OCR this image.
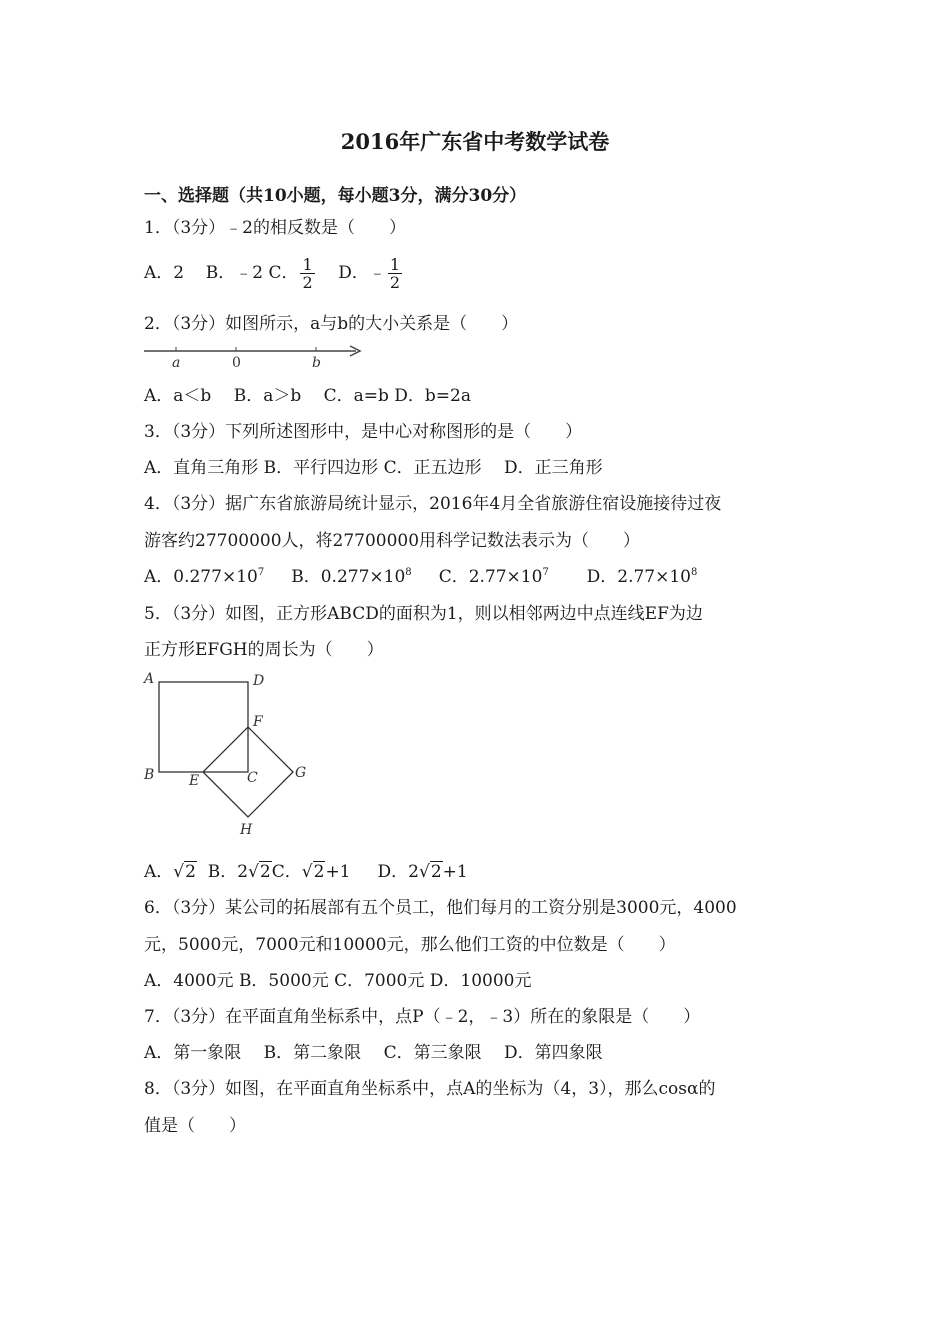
2016年广东省中考数学试卷
一、选择题（共10小题，每小题3分，满分30分）
1．（3分）﹣2的相反数是（　　）
A．2 B．﹣2 C． $\frac{1}{2}$ D．﹣ $\frac{1}{2}$
2．（3分）如图所示，a与b的大小关系是（　　）
a	0	b
A．a＜b　 B．a＞b　 C．a=b D．b=2a
3．（3分）下列所述图形中，是中心对称图形的是（　　）
A．直角三角形 B．平行四边形 C．正五边形　 D．正三角形
4．（3分）据广东省旅游局统计显示，2016年4月全省旅游住宿设施接待过夜
游客约27700000人，将27700000用科学记数法表示为（　　）
A．$0.277\times 10^7$ B．$0.277\times 10^8$ C．$2.77\times 10^7$ D．$2.77\times 10^8$
5．（3分）如图，正方形ABCD的面积为1，则以相邻两边中点连线EF为边
正方形EFGH的周长为（　　）
A	D
B	C
F
E	G
H
A．√2 B．2√2C．√2+1 D．2√2+1
6．（3分）某公司的拓展部有五个员工，他们每月的工资分别是3000元，4000
元，5000元，7000元和10000元，那么他们工资的中位数是（　　）
A．4000元 B．5000元 C．7000元 D．10000元
7．（3分）在平面直角坐标系中，点P（﹣2，﹣3）所在的象限是（　　）
A．第一象限　 B．第二象限　 C．第三象限　 D．第四象限
8．（3分）如图，在平面直角坐标系中，点A的坐标为（4，3），那么cosα的
值是（　　）
